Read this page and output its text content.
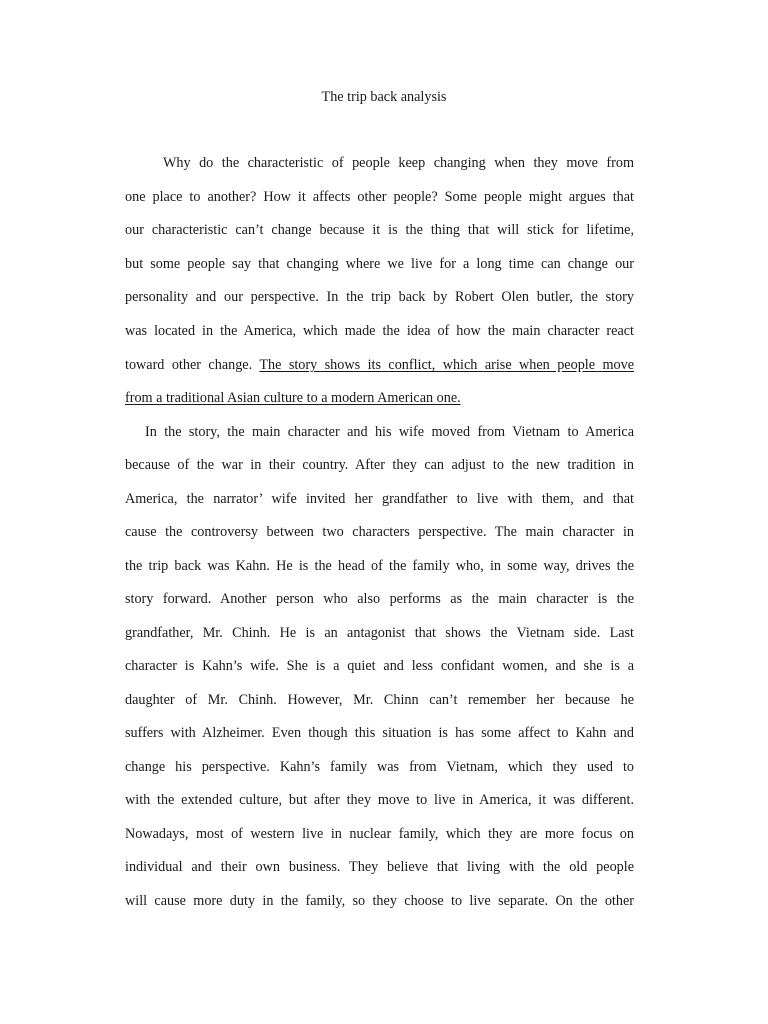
The trip back analysis
Why do the characteristic of people keep changing when they move from
one place to another? How it affects other people? Some people might argues that
our characteristic can’t change because it is the thing that will stick for lifetime,
but some people say that changing where we live for a long time can change our
personality and our perspective. In the trip back by Robert Olen butler, the story
was located in the America, which made the idea of how the main character react
toward other change. The story shows its conflict, which arise when people move
from a traditional Asian culture to a modern American one.
In the story, the main character and his wife moved from Vietnam to America
because of the war in their country. After they can adjust to the new tradition in
America, the narrator’ wife invited her grandfather to live with them, and that
cause the controversy between two characters perspective. The main character in
the trip back was Kahn. He is the head of the family who, in some way, drives the
story forward. Another person who also performs as the main character is the
grandfather, Mr. Chinh. He is an antagonist that shows the Vietnam side. Last
character is Kahn’s wife. She is a quiet and less confidant women, and she is a
daughter of Mr. Chinh. However, Mr. Chinn can’t remember her because he
suffers with Alzheimer. Even though this situation is has some affect to Kahn and
change his perspective. Kahn’s family was from Vietnam, which they used to
with the extended culture, but after they move to live in America, it was different.
Nowadays, most of western live in nuclear family, which they are more focus on
individual and their own business. They believe that living with the old people
will cause more duty in the family, so they choose to live separate. On the other
